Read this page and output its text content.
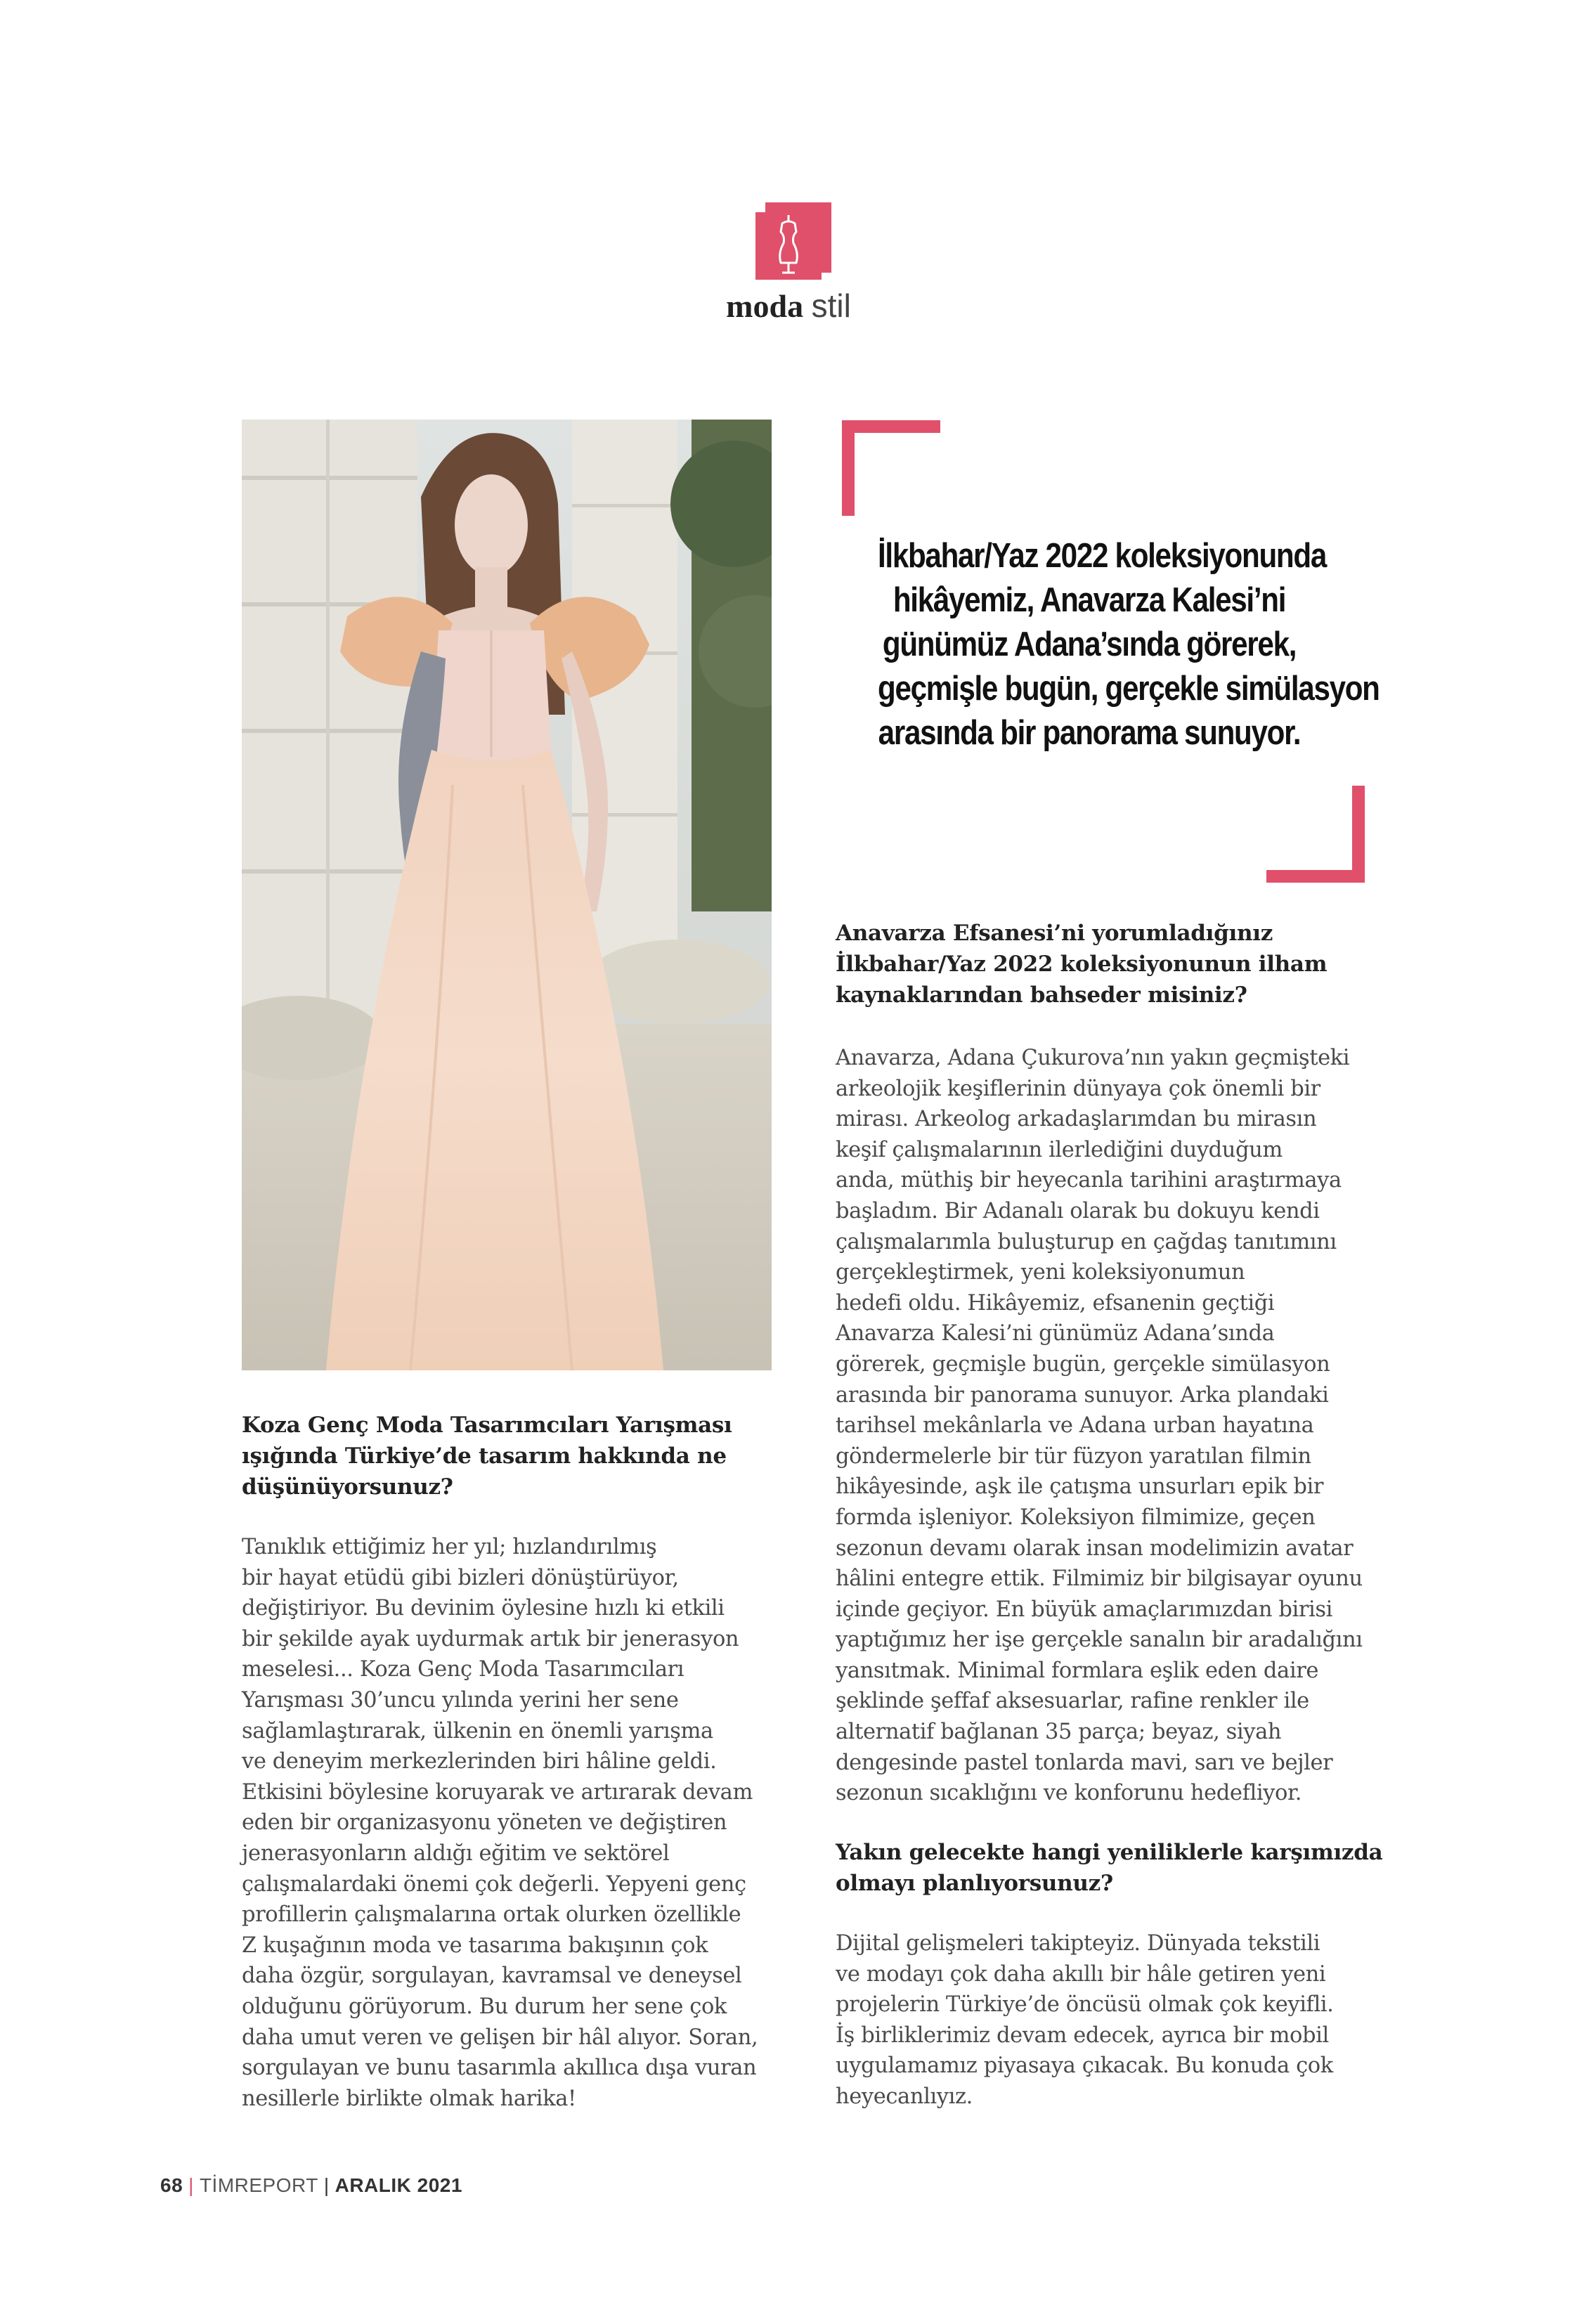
moda stil
İlkbahar/Yaz 2022 koleksiyonunda
hikâyemiz, Anavarza Kalesi’ni
günümüz Adana’sında görerek,
geçmişle bugün, gerçekle simülasyon
arasında bir panorama sunuyor.
Koza Genç Moda Tasarımcıları Yarışması
ışığında Türkiye’de tasarım hakkında ne
düşünüyorsunuz?
Tanıklık ettiğimiz her yıl; hızlandırılmış
bir hayat etüdü gibi bizleri dönüştürüyor,
değiştiriyor. Bu devinim öylesine hızlı ki etkili
bir şekilde ayak uydurmak artık bir jenerasyon
meselesi... Koza Genç Moda Tasarımcıları
Yarışması 30’uncu yılında yerini her sene
sağlamlaştırarak, ülkenin en önemli yarışma
ve deneyim merkezlerinden biri hâline geldi.
Etkisini böylesine koruyarak ve artırarak devam
eden bir organizasyonu yöneten ve değiştiren
jenerasyonların aldığı eğitim ve sektörel
çalışmalardaki önemi çok değerli. Yepyeni genç
profillerin çalışmalarına ortak olurken özellikle
Z kuşağının moda ve tasarıma bakışının çok
daha özgür, sorgulayan, kavramsal ve deneysel
olduğunu görüyorum. Bu durum her sene çok
daha umut veren ve gelişen bir hâl alıyor. Soran,
sorgulayan ve bunu tasarımla akıllıca dışa vuran
nesillerle birlikte olmak harika!
Anavarza Efsanesi’ni yorumladığınız
İlkbahar/Yaz 2022 koleksiyonunun ilham
kaynaklarından bahseder misiniz?
Anavarza, Adana Çukurova’nın yakın geçmişteki
arkeolojik keşiflerinin dünyaya çok önemli bir
mirası. Arkeolog arkadaşlarımdan bu mirasın
keşif çalışmalarının ilerlediğini duyduğum
anda, müthiş bir heyecanla tarihini araştırmaya
başladım. Bir Adanalı olarak bu dokuyu kendi
çalışmalarımla buluşturup en çağdaş tanıtımını
gerçekleştirmek, yeni koleksiyonumun
hedefi oldu. Hikâyemiz, efsanenin geçtiği
Anavarza Kalesi’ni günümüz Adana’sında
görerek, geçmişle bugün, gerçekle simülasyon
arasında bir panorama sunuyor. Arka plandaki
tarihsel mekânlarla ve Adana urban hayatına
göndermelerle bir tür füzyon yaratılan filmin
hikâyesinde, aşk ile çatışma unsurları epik bir
formda işleniyor. Koleksiyon filmimize, geçen
sezonun devamı olarak insan modelimizin avatar
hâlini entegre ettik. Filmimiz bir bilgisayar oyunu
içinde geçiyor. En büyük amaçlarımızdan birisi
yaptığımız her işe gerçekle sanalın bir aradalığını
yansıtmak. Minimal formlara eşlik eden daire
şeklinde şeffaf aksesuarlar, rafine renkler ile
alternatif bağlanan 35 parça; beyaz, siyah
dengesinde pastel tonlarda mavi, sarı ve bejler
sezonun sıcaklığını ve konforunu hedefliyor.
Yakın gelecekte hangi yeniliklerle karşımızda
olmayı planlıyorsunuz?
Dijital gelişmeleri takipteyiz. Dünyada tekstili
ve modayı çok daha akıllı bir hâle getiren yeni
projelerin Türkiye’de öncüsü olmak çok keyifli.
İş birliklerimiz devam edecek, ayrıca bir mobil
uygulamamız piyasaya çıkacak. Bu konuda çok
heyecanlıyız.
68 | TİMREPORT | ARALIK 2021
